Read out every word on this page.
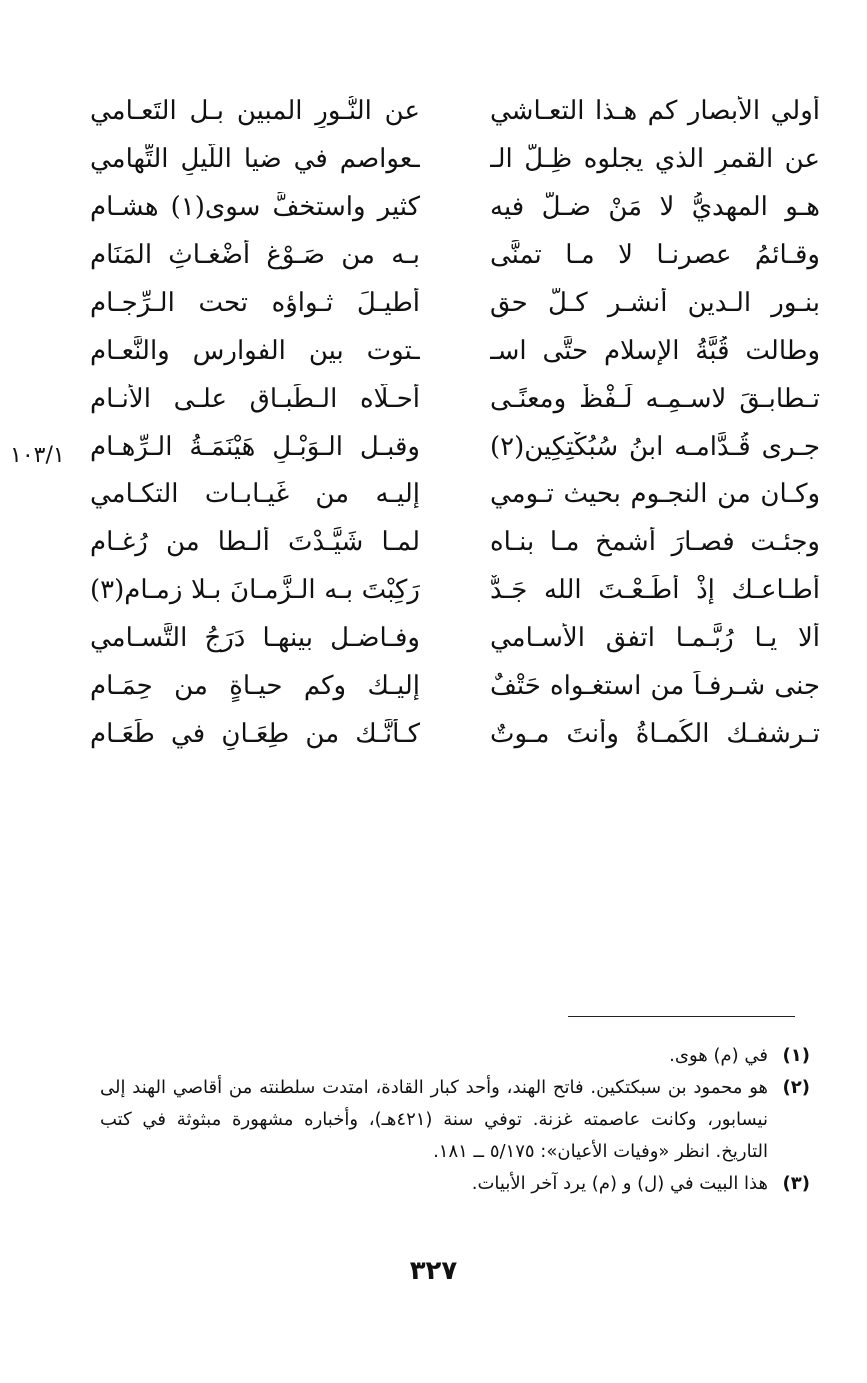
أُولي الأبصار كم هـذا التعـاشي
عن النُّـورِ المبين بـل التَعـامي
عن القمرِ الذي يجلوه ظِـلُّ الـ
ـعواصمِ في ضيا اللَّيلِ التِّهامي
هـو المهديُّ لا مَنْ ضـلَّ فيه
كثير واستخفَّ سوى(١) هشـام
وقـائمُ عصرنـا لا مـا تمنَّى
بـه من صَـوْغِ أَضْغـاثِ المَنَام
بنـور الـدين أُنشـر كـلُّ حقٍ
أُطيـلَ ثـواؤه تحت الـرِّجـام
وطالت قُبَّةُ الإسلام حتَّى اسـ
ـتوت بين الفوارس والنَّعـام
تـطابـقَ لاسـمِـه لَـفْظٌ ومعنًـى
أحـلَّاه الـطِّبـاق علـى الأنـام
جـرى قُـدَّامـه ابنُ سُبُكْتِكِين(٢)
وقبـل الـوَبْـلِ هَيْنَمَـةُ الـرِّهـام
وكـان من النجـوم بحيث تـومي
إليـه من غَيـابـات التكـامي
وجئـت فصـارَ أشمخ مـا بنـاه
لمـا شَيَّـدْتَ ألـطا من رُغـام
أطـاعـك إذْ أَطَـعْـتَ الله جَـدٌّ
رَكِبْتَ بـه الـزَّمـانَ بـلا زمـام(٣)
ألا يـا رُبَّـمـا اتفق الأسـامي
وفـاضـل بينهـا دَرَجُ التَّسـامي
جنى شـرفـاً من استغـواه حَتْفٌ
إليـك وكم حيـاةٍ من حِمَـام
تـرشفـك الكُمـاةُ وأنتَ مـوتٌ
كـأنَّـك من طِعَـانٍ في طَعَـام
١٠٣/١
(١)
في (م) هوى.
(٢)
هو محمود بن سبكتكين. فاتح الهند، وأحد كبار القادة، امتدت سلطنته من أقاصي الهند إلى نيسابور، وكانت عاصمته غزنة. توفي سنة (٤٢١هـ)، وأخباره مشهورة مبثوثة في كتب التاريخ. انظر «وفيات الأعيان»: ٥/١٧٥ ــ ١٨١.
(٣)
هذا البيت في (ل) و (م) يرد آخر الأبيات.
٣٢٧
